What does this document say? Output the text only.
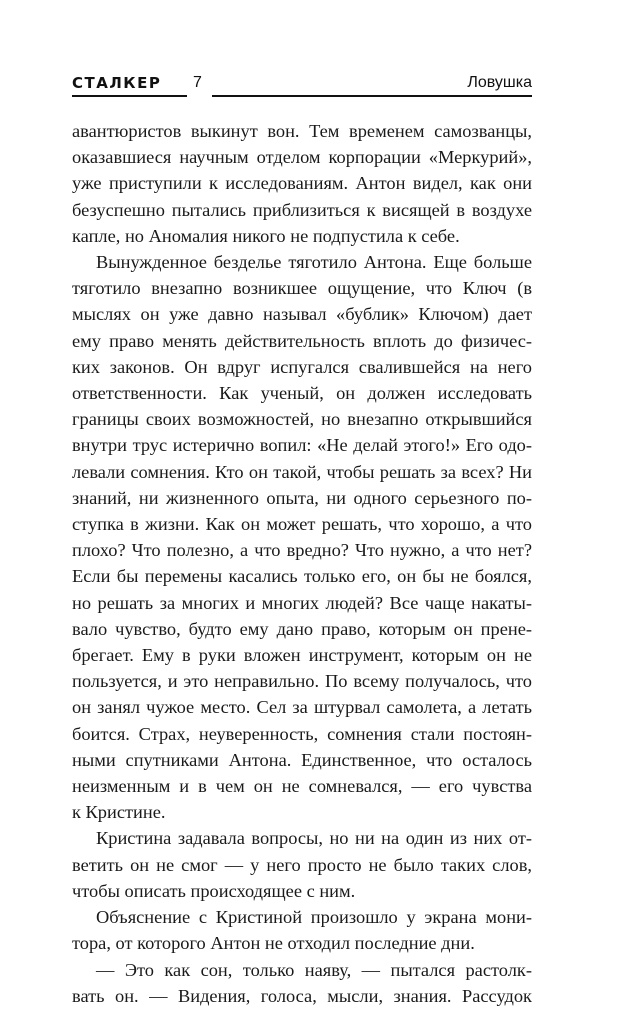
СТАЛКЕР 7	Ловушка
авантюристов выкинут вон. Тем временем самозванцы,
оказавшиеся научным отделом корпорации «Меркурий»,
уже приступили к исследованиям. Антон видел, как они
безуспешно пытались приблизиться к висящей в воздухе
капле, но Аномалия никого не подпустила к себе.
Вынужденное безделье тяготило Антона. Еще больше
тяготило внезапно возникшее ощущение, что Ключ (в
мыслях он уже давно называл «бублик» Ключом) дает
ему право менять действительность вплоть до физичес-
ких законов. Он вдруг испугался свалившейся на него
ответственности. Как ученый, он должен исследовать
границы своих возможностей, но внезапно открывшийся
внутри трус истерично вопил: «Не делай этого!» Его одо-
левали сомнения. Кто он такой, чтобы решать за всех? Ни
знаний, ни жизненного опыта, ни одного серьезного по-
ступка в жизни. Как он может решать, что хорошо, а что
плохо? Что полезно, а что вредно? Что нужно, а что нет?
Если бы перемены касались только его, он бы не боялся,
но решать за многих и многих людей? Все чаще накаты-
вало чувство, будто ему дано право, которым он прене-
брегает. Ему в руки вложен инструмент, которым он не
пользуется, и это неправильно. По всему получалось, что
он занял чужое место. Сел за штурвал самолета, а летать
боится. Страх, неуверенность, сомнения стали постоян-
ными спутниками Антона. Единственное, что осталось
неизменным и в чем он не сомневался, — его чувства
к Кристине.
Кристина задавала вопросы, но ни на один из них от-
ветить он не смог — у него просто не было таких слов,
чтобы описать происходящее с ним.
Объяснение с Кристиной произошло у экрана мони-
тора, от которого Антон не отходил последние дни.
— Это как сон, только наяву, — пытался растолк-
вать он. — Видения, голоса, мысли, знания. Рассудок
